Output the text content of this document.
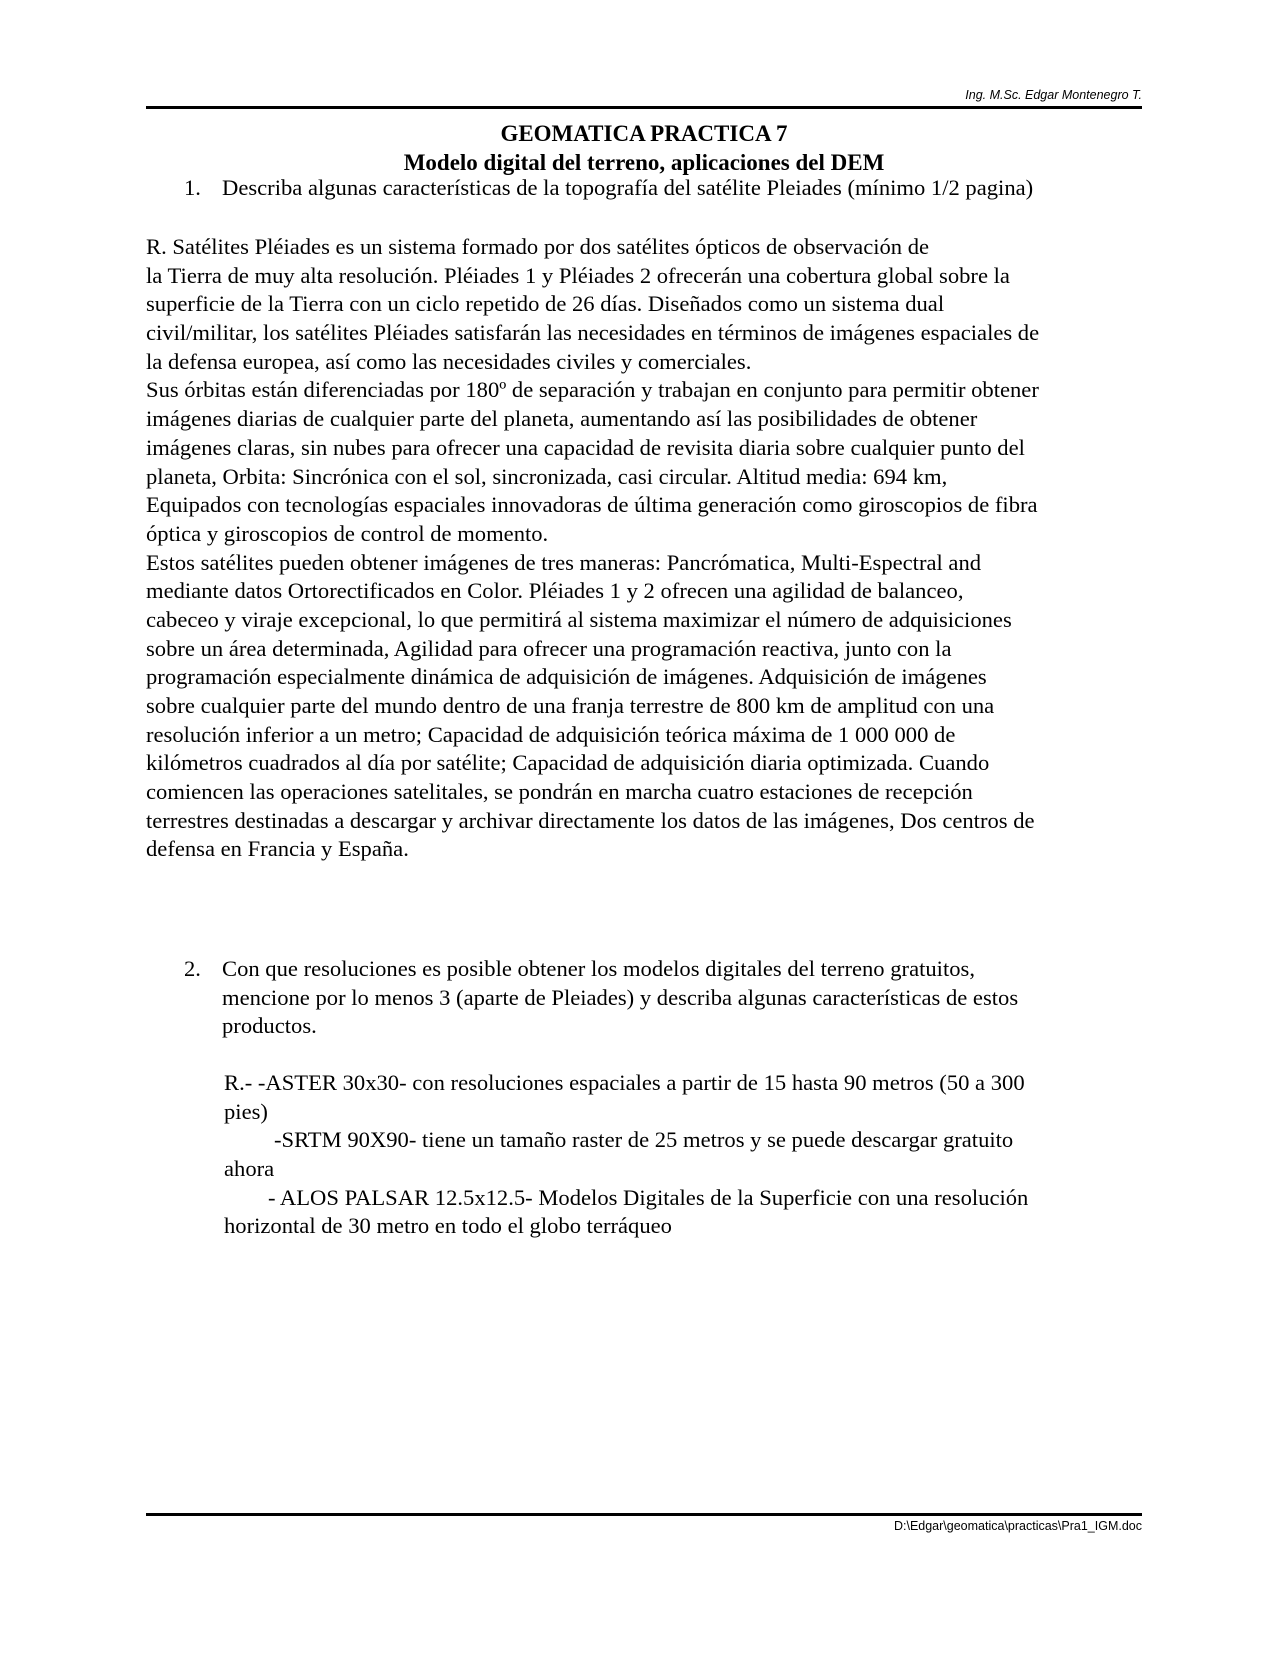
Ing. M.Sc. Edgar Montenegro T.
GEOMATICA PRACTICA 7
Modelo digital del terreno, aplicaciones del DEM
1. Describa algunas características de la topografía del satélite Pleiades (mínimo 1/2 pagina)
R. Satélites Pléiades es un sistema formado por dos satélites ópticos de observación de
la Tierra de muy alta resolución. Pléiades 1 y Pléiades 2 ofrecerán una cobertura global sobre la
superficie de la Tierra con un ciclo repetido de 26 días. Diseñados como un sistema dual
civil/militar, los satélites Pléiades satisfarán las necesidades en términos de imágenes espaciales de
la defensa europea, así como las necesidades civiles y comerciales.
Sus órbitas están diferenciadas por 180º de separación y trabajan en conjunto para permitir obtener
imágenes diarias de cualquier parte del planeta, aumentando así las posibilidades de obtener
imágenes claras, sin nubes para ofrecer una capacidad de revisita diaria sobre cualquier punto del
planeta, Orbita: Sincrónica con el sol, sincronizada, casi circular. Altitud media: 694 km,
Equipados con tecnologías espaciales innovadoras de última generación como giroscopios de fibra
óptica y giroscopios de control de momento.
Estos satélites pueden obtener imágenes de tres maneras: Pancrómatica, Multi-Espectral and
mediante datos Ortorectificados en Color. Pléiades 1 y 2 ofrecen una agilidad de balanceo,
cabeceo y viraje excepcional, lo que permitirá al sistema maximizar el número de adquisiciones
sobre un área determinada, Agilidad para ofrecer una programación reactiva, junto con la
programación especialmente dinámica de adquisición de imágenes. Adquisición de imágenes
sobre cualquier parte del mundo dentro de una franja terrestre de 800 km de amplitud con una
resolución inferior a un metro; Capacidad de adquisición teórica máxima de 1 000 000 de
kilómetros cuadrados al día por satélite; Capacidad de adquisición diaria optimizada. Cuando
comiencen las operaciones satelitales, se pondrán en marcha cuatro estaciones de recepción
terrestres destinadas a descargar y archivar directamente los datos de las imágenes, Dos centros de
defensa en Francia y España.
2. Con que resoluciones es posible obtener los modelos digitales del terreno gratuitos,
mencione por lo menos 3 (aparte de Pleiades) y describa algunas características de estos
productos.
R.- -ASTER 30x30- con resoluciones espaciales a partir de 15 hasta 90 metros (50 a 300
pies)
-SRTM 90X90- tiene un tamaño raster de 25 metros y se puede descargar gratuito
ahora
- ALOS PALSAR 12.5x12.5- Modelos Digitales de la Superficie con una resolución
horizontal de 30 metro en todo el globo terráqueo
D:\Edgar\geomatica\practicas\Pra1_IGM.doc
